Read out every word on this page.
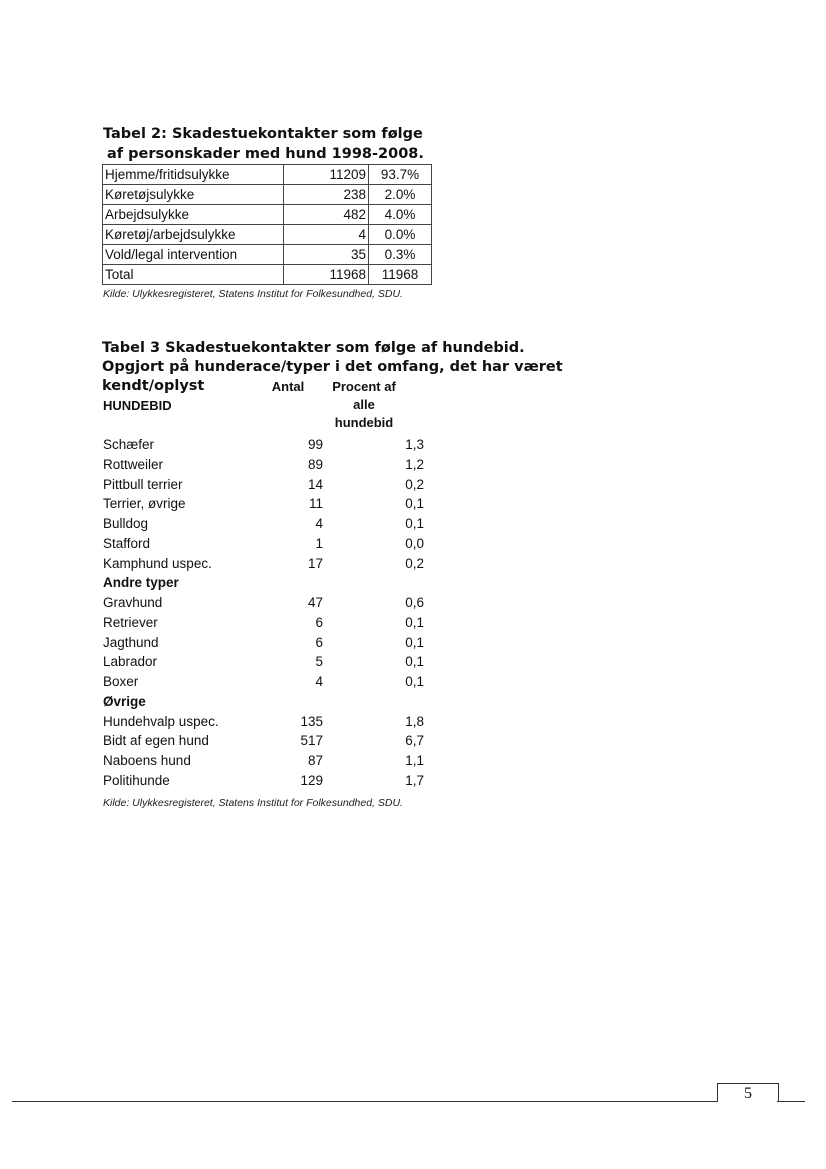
Tabel 2: Skadestuekontakter som følge
af personskader med hund 1998-2008.
Hjemme/fritidsulykke	11209	93.7%
Køretøjsulykke	238	2.0%
Arbejdsulykke	482	4.0%
Køretøj/arbejdsulykke	4	0.0%
Vold/legal intervention	35	0.3%
Total	11968	11968
Kilde: Ulykkesregisteret, Statens Institut for Folkesundhed, SDU.
Tabel 3 Skadestuekontakter som følge af hundebid.
Opgjort på hunderace/typer i det omfang, det har været kendt/oplyst	Antal	Procent af alle
hundebid
HUNDEBID
Schæfer	99	1,3
Rottweiler	89	1,2
Pittbull terrier	14	0,2
Terrier, øvrige	11	0,1
Bulldog	4	0,1
Stafford	1	0,0
Kamphund uspec.	17	0,2
Andre typer
Gravhund	47	0,6
Retriever	6	0,1
Jagthund	6	0,1
Labrador	5	0,1
Boxer	4	0,1
Øvrige
Hundehvalp uspec.	135	1,8
Bidt af egen hund	517	6,7
Naboens hund	87	1,1
Politihunde	129	1,7
Kilde: Ulykkesregisteret, Statens Institut for Folkesundhed, SDU.
5
